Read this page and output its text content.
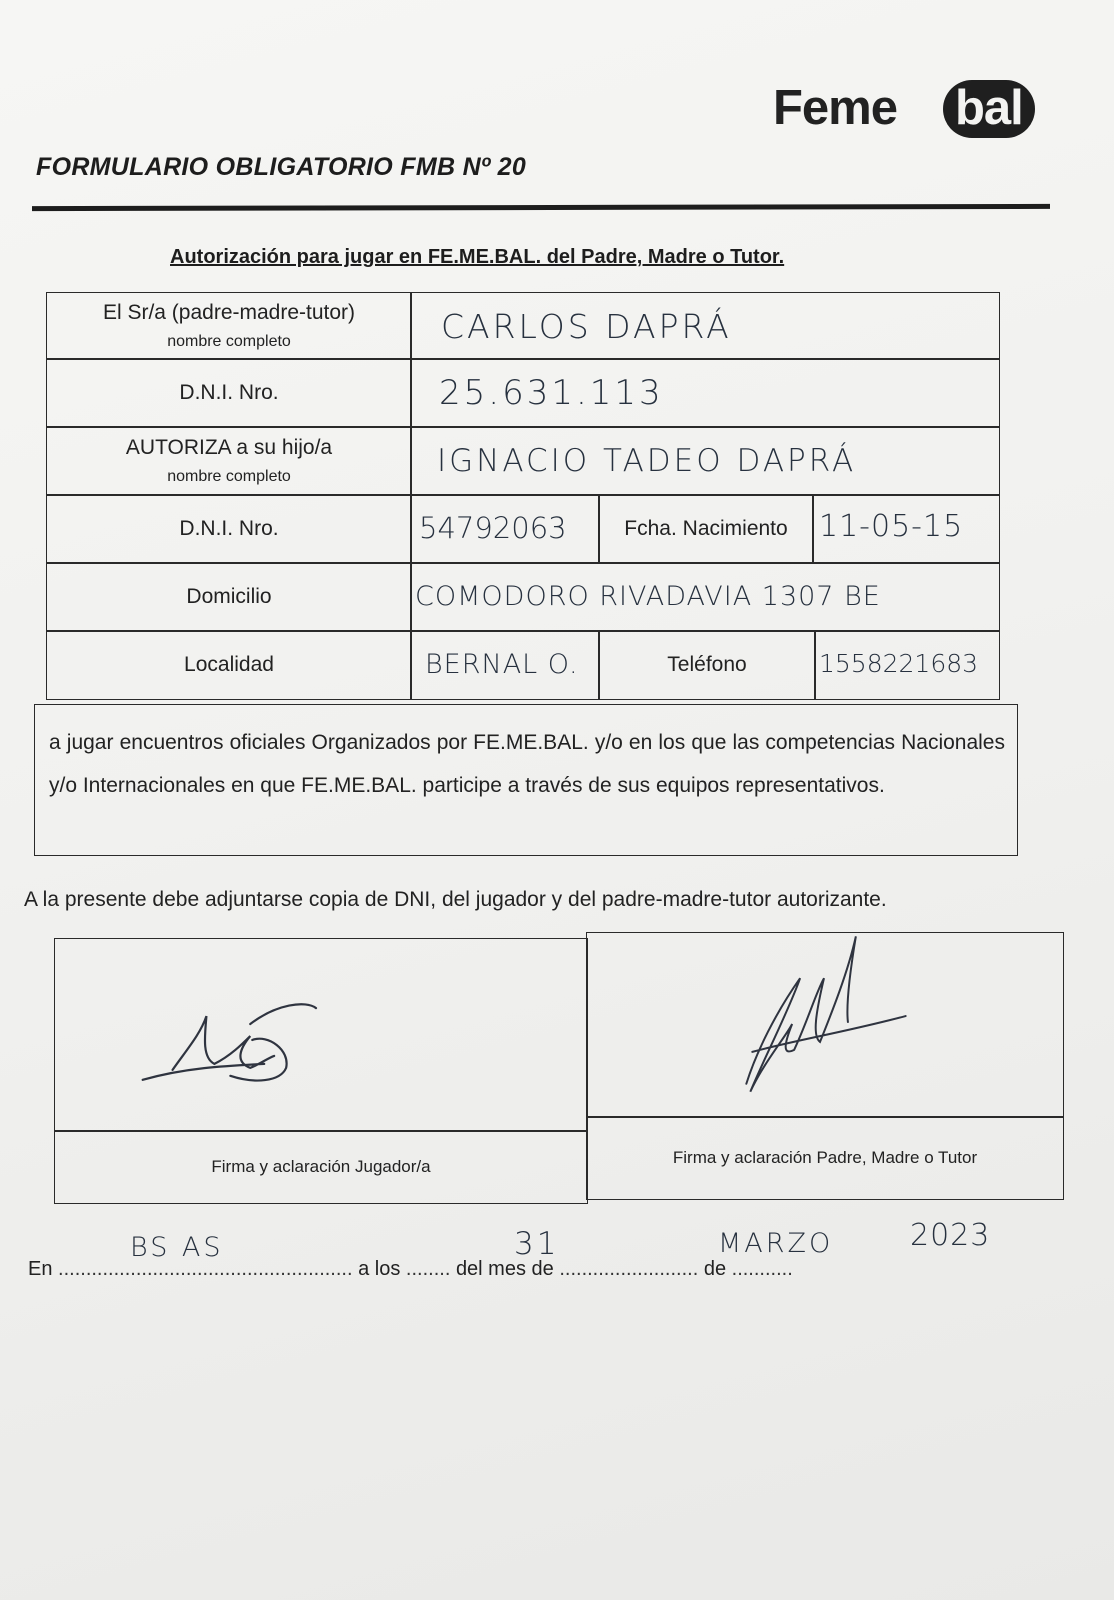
Feme bal
FORMULARIO OBLIGATORIO FMB Nº 20
Autorización para jugar en FE.ME.BAL. del Padre, Madre o Tutor.
El Sr/a (padre-madre-tutor)
nombre completo	CARLOS DAPRÁ
D.N.I. Nro.	25.631.113
AUTORIZA a su hijo/a
nombre completo	IGNACIO TADEO DAPRÁ
D.N.I. Nro.	54792063	Fcha. Nacimiento 11-05-15
Domicilio	COMODORO RIVADAVIA 1307 BE
Localidad	BERNAL O.	Teléfono	1558221683
a jugar encuentros oficiales Organizados por FE.ME.BAL. y/o en los que las competencias Nacionales y/o Internacionales en que FE.ME.BAL. participe a través de sus equipos representativos.
A la presente debe adjuntarse copia de DNI, del jugador y del padre-madre-tutor autorizante.
Firma y aclaración Jugador/a	Firma y aclaración Padre, Madre o Tutor
En ..................................................... a los ........ del mes de ......................... de ...........
BS AS	31	MARZO	2023
